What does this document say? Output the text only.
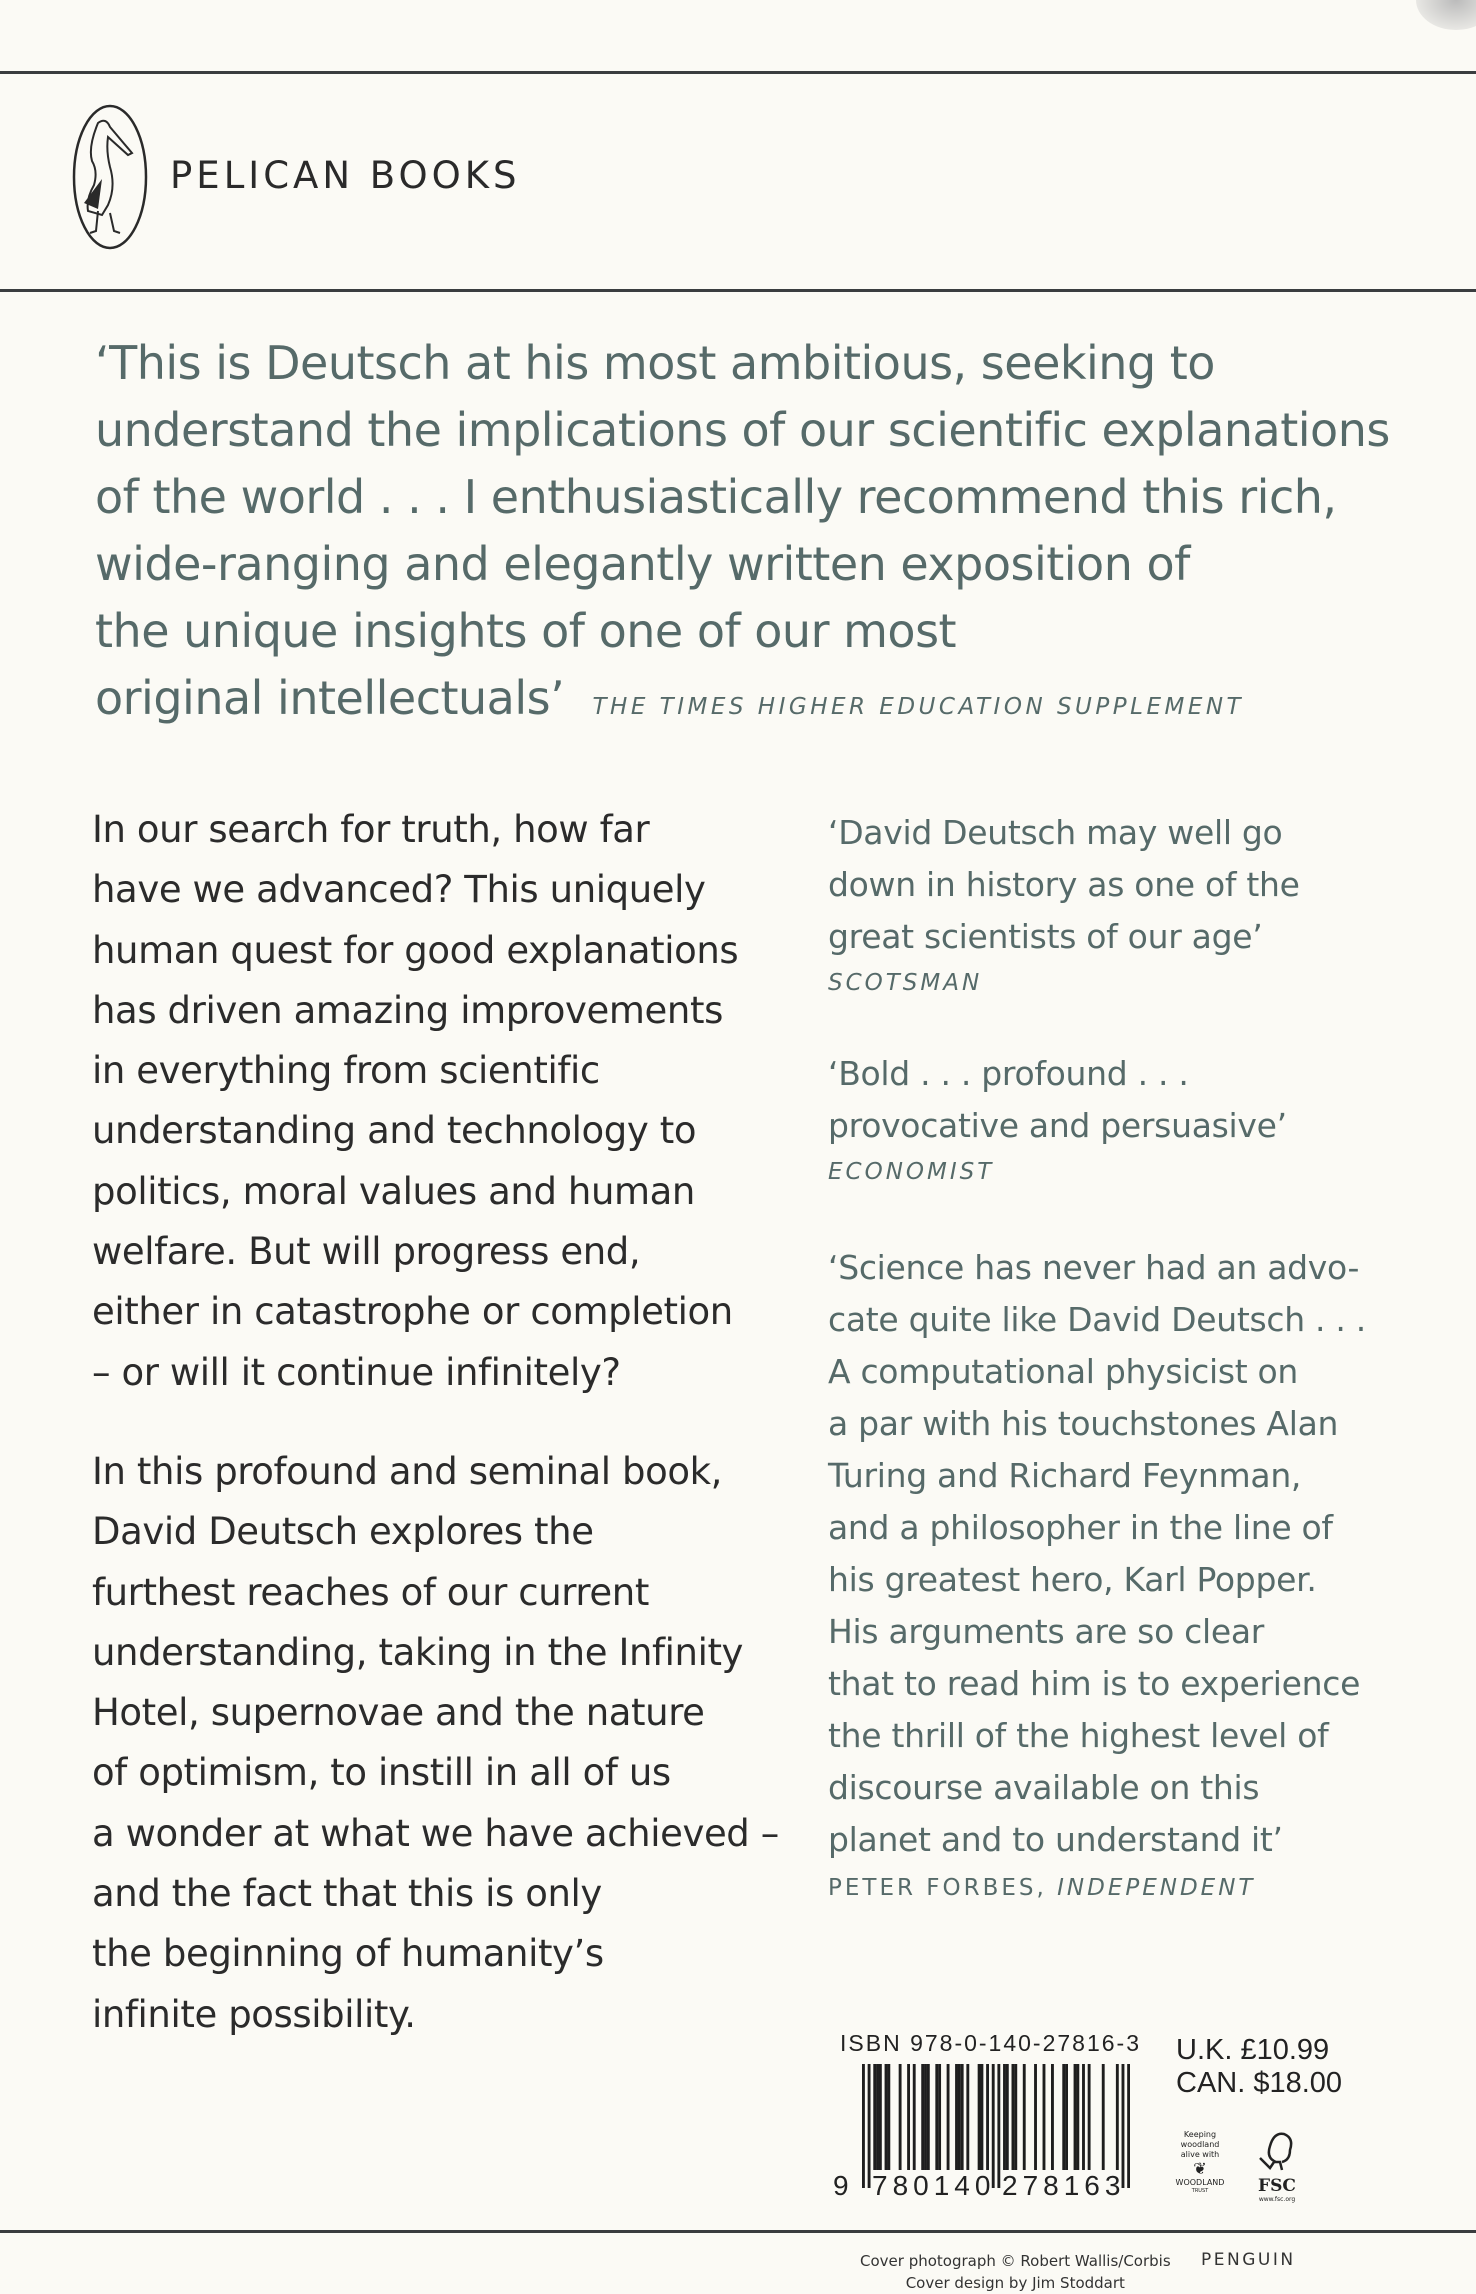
PELICAN BOOKS
‘This is Deutsch at his most ambitious, seeking to
understand the implications of our scientific explanations
of the world . . . I enthusiastically recommend this rich,
wide-ranging and elegantly written exposition of
the unique insights of one of our most
original intellectuals’ THE TIMES HIGHER EDUCATION SUPPLEMENT
In our search for truth, how far
have we advanced? This uniquely
human quest for good explanations
has driven amazing improvements
in everything from scientific
understanding and technology to
politics, moral values and human
welfare. But will progress end,
either in catastrophe or completion
– or will it continue infinitely?
In this profound and seminal book,
David Deutsch explores the
furthest reaches of our current
understanding, taking in the Infinity
Hotel, supernovae and the nature
of optimism, to instill in all of us
a wonder at what we have achieved –
and the fact that this is only
the beginning of humanity’s
infinite possibility.
‘David Deutsch may well go
down in history as one of the
great scientists of our age’
SCOTSMAN
‘Bold . . . profound . . .
provocative and persuasive’
ECONOMIST
‘Science has never had an advo-
cate quite like David Deutsch . . .
A computational physicist on
a par with his touchstones Alan
Turing and Richard Feynman,
and a philosopher in the line of
his greatest hero, Karl Popper.
His arguments are so clear
that to read him is to experience
the thrill of the highest level of
discourse available on this
planet and to understand it’
PETER FORBES, INDEPENDENT
ISBN 978-0-140-27816-3
9 780140 278163
U.K. £10.99
CAN. $18.00
Keeping
woodland
alive with
❦
WOODLAND
TRUST	FSC
www.fsc.org
Cover photograph © Robert Wallis/Corbis
Cover design by Jim Stoddart
PENGUIN
